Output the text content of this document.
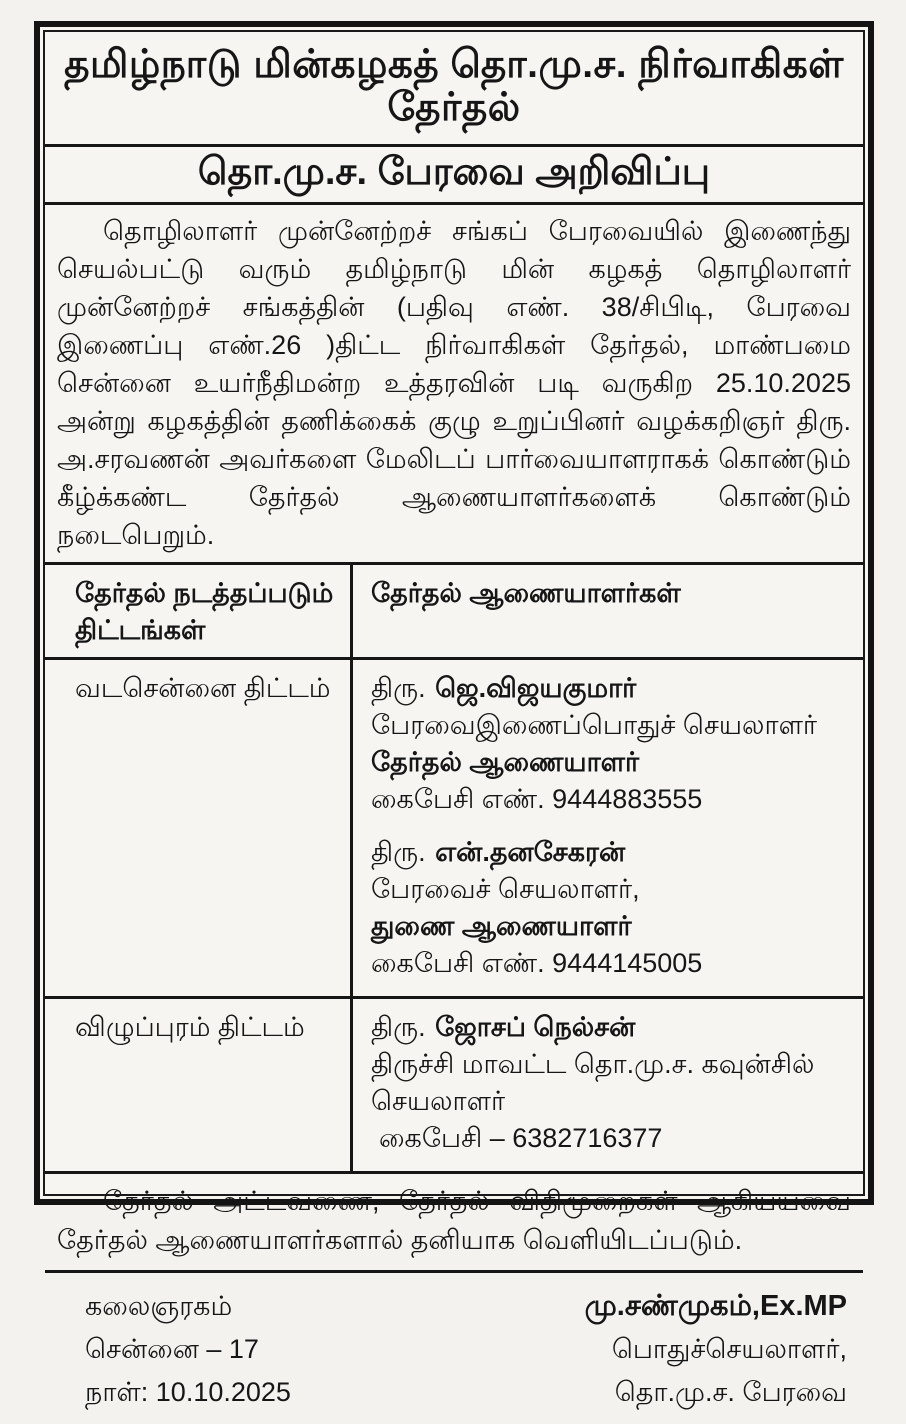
தமிழ்நாடு மின்கழகத் தொ.மு.ச. நிர்வாகிகள் தேர்தல்
தொ.மு.ச. பேரவை அறிவிப்பு
தொழிலாளர் முன்னேற்றச் சங்கப் பேரவையில் இணைந்து செயல்பட்டு வரும் தமிழ்நாடு மின் கழகத் தொழிலாளர் முன்னேற்றச் சங்கத்தின் (பதிவு எண். 38/சிபிடி, பேரவை இணைப்பு எண்.26 )திட்ட நிர்வாகிகள் தேர்தல், மாண்பமை சென்னை உயர்நீதிமன்ற உத்தரவின் படி வருகிற 25.10.2025 அன்று கழகத்தின் தணிக்கைக் குழு உறுப்பினர் வழக்கறிஞர் திரு. அ.சரவணன் அவர்களை மேலிடப் பார்வையாளராகக் கொண்டும் கீழ்க்கண்ட தேர்தல் ஆணையாளர்களைக் கொண்டும் நடைபெறும்.
தேர்தல் நடத்தப்படும் திட்டங்கள்
தேர்தல் ஆணையாளர்கள்
வடசென்னை திட்டம்	திரு. ஜெ.விஜயகுமார்
பேரவைஇணைப்பொதுச் செயலாளர்
தேர்தல் ஆணையாளர்
கைபேசி எண். 9444883555
திரு. என்.தனசேகரன்
பேரவைச் செயலாளர்,
துணை ஆணையாளர்
கைபேசி எண். 9444145005
விழுப்புரம் திட்டம்	திரு. ஜோசப் நெல்சன்
திருச்சி மாவட்ட தொ.மு.ச. கவுன்சில்
செயலாளர்
கைபேசி – 6382716377
தேர்தல் அட்டவணை, தேர்தல் விதிமுறைகள் ஆகியயவை தேர்தல் ஆணையாளர்களால் தனியாக வெளியிடப்படும்.
கலைஞரகம்
சென்னை – 17
நாள்: 10.10.2025
மு.சண்முகம்,Ex.MP
பொதுச்செயலாளர்,
தொ.மு.ச. பேரவை
